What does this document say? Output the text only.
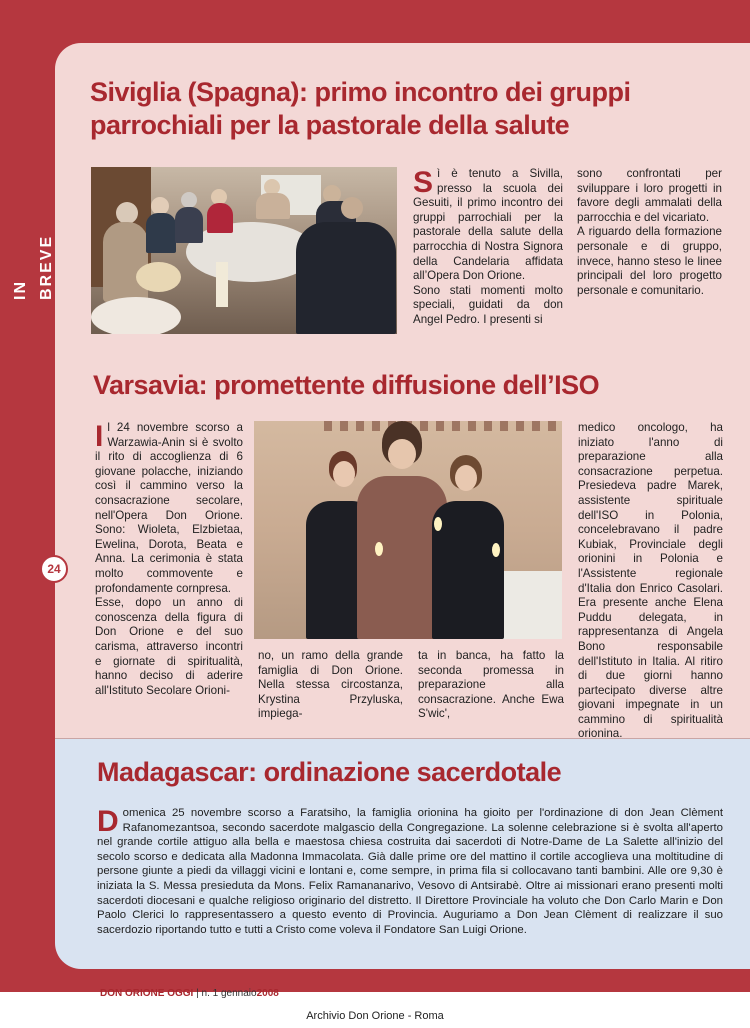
IN BREVE
24
Siviglia (Spagna): primo incontro dei gruppi parrochiali per la pastorale della salute
S ì è tenuto a Sivilla, presso la scuola dei Gesuiti, il primo incontro dei gruppi parrochiali per la pastorale della salute della parrocchia di Nostra Signora della Candelaria affidata all’Opera Don Orione.

Sono stati momenti molto speciali, guidati da don Angel Pedro. I presenti si

sono confrontati per sviluppare i loro progetti in favore degli ammalati della parrocchia e del vicariato.

A riguardo della formazione personale e di gruppo, invece, hanno steso le linee principali del loro progetto personale e comunitario.

Varsavia: promettente diffusione dell’ISO
I l 24 novembre scorso a Warzawia-Anin si è svolto il rito di accoglienza di 6 giovane polacche, iniziando così il cammino verso la consacrazione secolare, nell'Opera Don Orione. Sono: Wioleta, Elzbietaa, Ewelina, Dorota, Beata e Anna. La cerimonia è stata molto commovente e profondamente cornpresa.

Esse, dopo un anno di conoscenza della figura di Don Orione e del suo carisma, attraverso incontri e giornate di spiritualità, hanno deciso di aderire all'Istituto Secolare Orioni-

no, un ramo della grande famiglia di Don Orione. Nella stessa circostanza, Krystina Przyluska, impiega-

ta in banca, ha fatto la seconda promessa in preparazione alla consacrazione. Anche Ewa S'wic',

medico oncologo, ha iniziato l'anno di preparazione alla consacrazione perpetua. Presiedeva padre Marek, assistente spirituale dell'ISO in Polonia, concelebravano il padre Kubiak, Provinciale degli orionini in Polonia e l'Assistente regionale d'Italia don Enrico Casolari. Era presente anche Elena Puddu delegata, in rappresentanza di Angela Bono responsabile dell'Istituto in Italia. Al ritiro di due giorni hanno partecipato diverse altre giovani impegnate in un cammino di spiritualità orionina.

Madagascar: ordinazione sacerdotale
D omenica 25 novembre scorso a Faratsiho, la famiglia orionina ha gioito per l'ordinazione di don Jean Clèment Rafanomezantsoa, secondo sacerdote malgascio della Congregazione. La solenne celebrazione si è svolta all'aperto nel grande cortile attiguo alla bella e maestosa chiesa costruita dai sacerdoti di Notre-Dame de La Salette all'inizio del secolo scorso e dedicata alla Madonna Immacolata. Già dalle prime ore del mattino il cortile accoglieva una moltitudine di persone giunte a piedi da villaggi vicini e lontani e, come sempre, in prima fila si collocavano tanti bambini. Alle ore 9,30 è iniziata la S. Messa presieduta da Mons. Felix Ramananarivo, Vesovo di Antsirabè. Oltre ai missionari erano presenti molti sacerdoti diocesani e qualche religioso originario del distretto. Il Direttore Provinciale ha voluto che Don Carlo Marin e Don Paolo Clerici lo rappresentassero a questo evento di Provincia. Auguriamo a Don Jean Clèment di realizzare il suo sacerdozio riportando tutto e tutti a Cristo come voleva il Fondatore San Luigi Orione.

DON ORIONE OGGI | n. 1 gennaio2008
Archivio Don Orione - Roma
